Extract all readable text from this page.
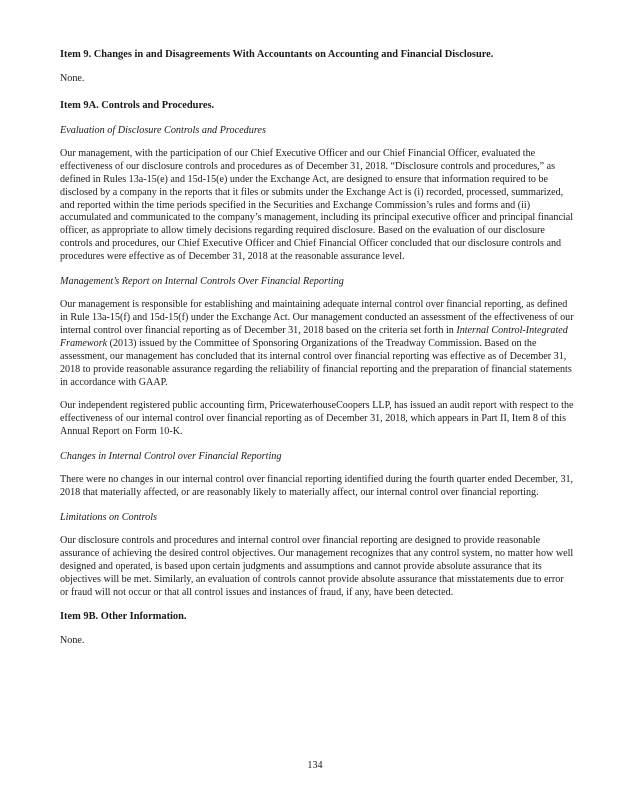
Item 9. Changes in and Disagreements With Accountants on Accounting and Financial Disclosure.

None.

Item 9A. Controls and Procedures.

Evaluation of Disclosure Controls and Procedures

Our management, with the participation of our Chief Executive Officer and our Chief Financial Officer, evaluated the effectiveness of our disclosure controls and procedures as of December 31, 2018. “Disclosure controls and procedures,” as defined in Rules 13a-15(e) and 15d-15(e) under the Exchange Act, are designed to ensure that information required to be disclosed by a company in the reports that it files or submits under the Exchange Act is (i) recorded, processed, summarized, and reported within the time periods specified in the Securities and Exchange Commission’s rules and forms and (ii) accumulated and communicated to the company’s management, including its principal executive officer and principal financial officer, as appropriate to allow timely decisions regarding required disclosure. Based on the evaluation of our disclosure controls and procedures, our Chief Executive Officer and Chief Financial Officer concluded that our disclosure controls and procedures were effective as of December 31, 2018 at the reasonable assurance level.

Management’s Report on Internal Controls Over Financial Reporting

Our management is responsible for establishing and maintaining adequate internal control over financial reporting, as defined in Rule 13a-15(f) and 15d-15(f) under the Exchange Act. Our management conducted an assessment of the effectiveness of our internal control over financial reporting as of December 31, 2018 based on the criteria set forth in Internal Control-Integrated Framework (2013) issued by the Committee of Sponsoring Organizations of the Treadway Commission. Based on the assessment, our management has concluded that its internal control over financial reporting was effective as of December 31, 2018 to provide reasonable assurance regarding the reliability of financial reporting and the preparation of financial statements in accordance with GAAP.

Our independent registered public accounting firm, PricewaterhouseCoopers LLP, has issued an audit report with respect to the effectiveness of our internal control over financial reporting as of December 31, 2018, which appears in Part II, Item 8 of this Annual Report on Form 10-K.

Changes in Internal Control over Financial Reporting

There were no changes in our internal control over financial reporting identified during the fourth quarter ended December, 31, 2018 that materially affected, or are reasonably likely to materially affect, our internal control over financial reporting.

Limitations on Controls

Our disclosure controls and procedures and internal control over financial reporting are designed to provide reasonable assurance of achieving the desired control objectives. Our management recognizes that any control system, no matter how well designed and operated, is based upon certain judgments and assumptions and cannot provide absolute assurance that its objectives will be met. Similarly, an evaluation of controls cannot provide absolute assurance that misstatements due to error or fraud will not occur or that all control issues and instances of fraud, if any, have been detected.

Item 9B. Other Information.

None.

134
